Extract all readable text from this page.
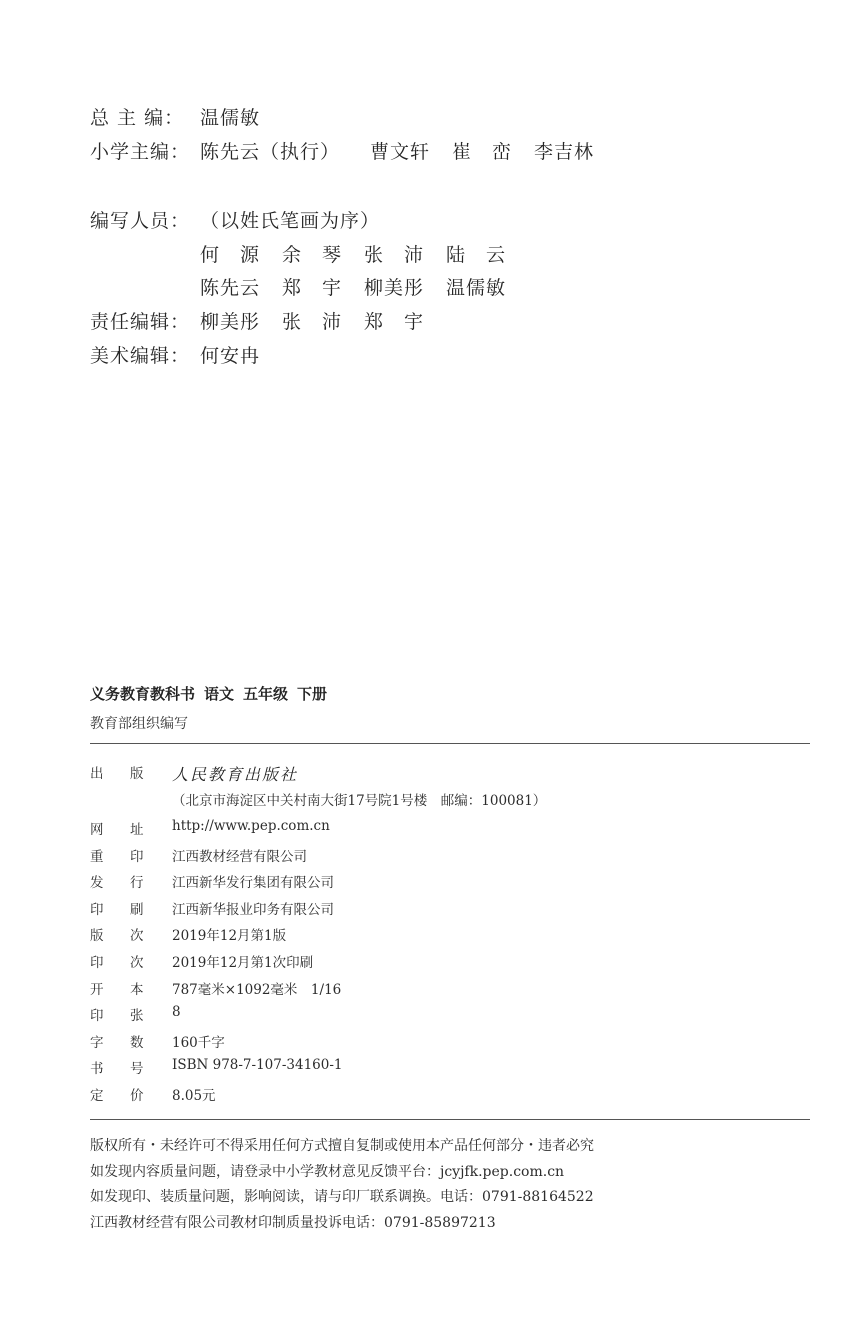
总 主 编： 温儒敏
小学主编： 陈先云（执行） 曹文轩 崔　峦 李吉林
编写人员： （以姓氏笔画为序）
何　源 余　琴 张　沛 陆　云
陈先云 郑　宇 柳美彤 温儒敏
责任编辑： 柳美彤 张　沛 郑　宇
美术编辑： 何安冉
义务教育教科书 语文 五年级 下册
教育部组织编写
出	版	人民教育出版社
（北京市海淀区中关村南大街17号院1号楼　邮编：100081）
网	址	http://www.pep.com.cn
重	印	江西教材经营有限公司
发	行	江西新华发行集团有限公司
印	刷	江西新华报业印务有限公司
版	次	2019年12月第1版
印	次	2019年12月第1次印刷
开	本	787毫米×1092毫米　1/16
印	张	8
字	数	160千字
书	号	ISBN 978-7-107-34160-1
定	价	8.05元
版权所有・未经许可不得采用任何方式擅自复制或使用本产品任何部分・违者必究
如发现内容质量问题，请登录中小学教材意见反馈平台：jcyjfk.pep.com.cn
如发现印、装质量问题，影响阅读，请与印厂联系调换。电话：0791-88164522
江西教材经营有限公司教材印制质量投诉电话：0791-85897213
